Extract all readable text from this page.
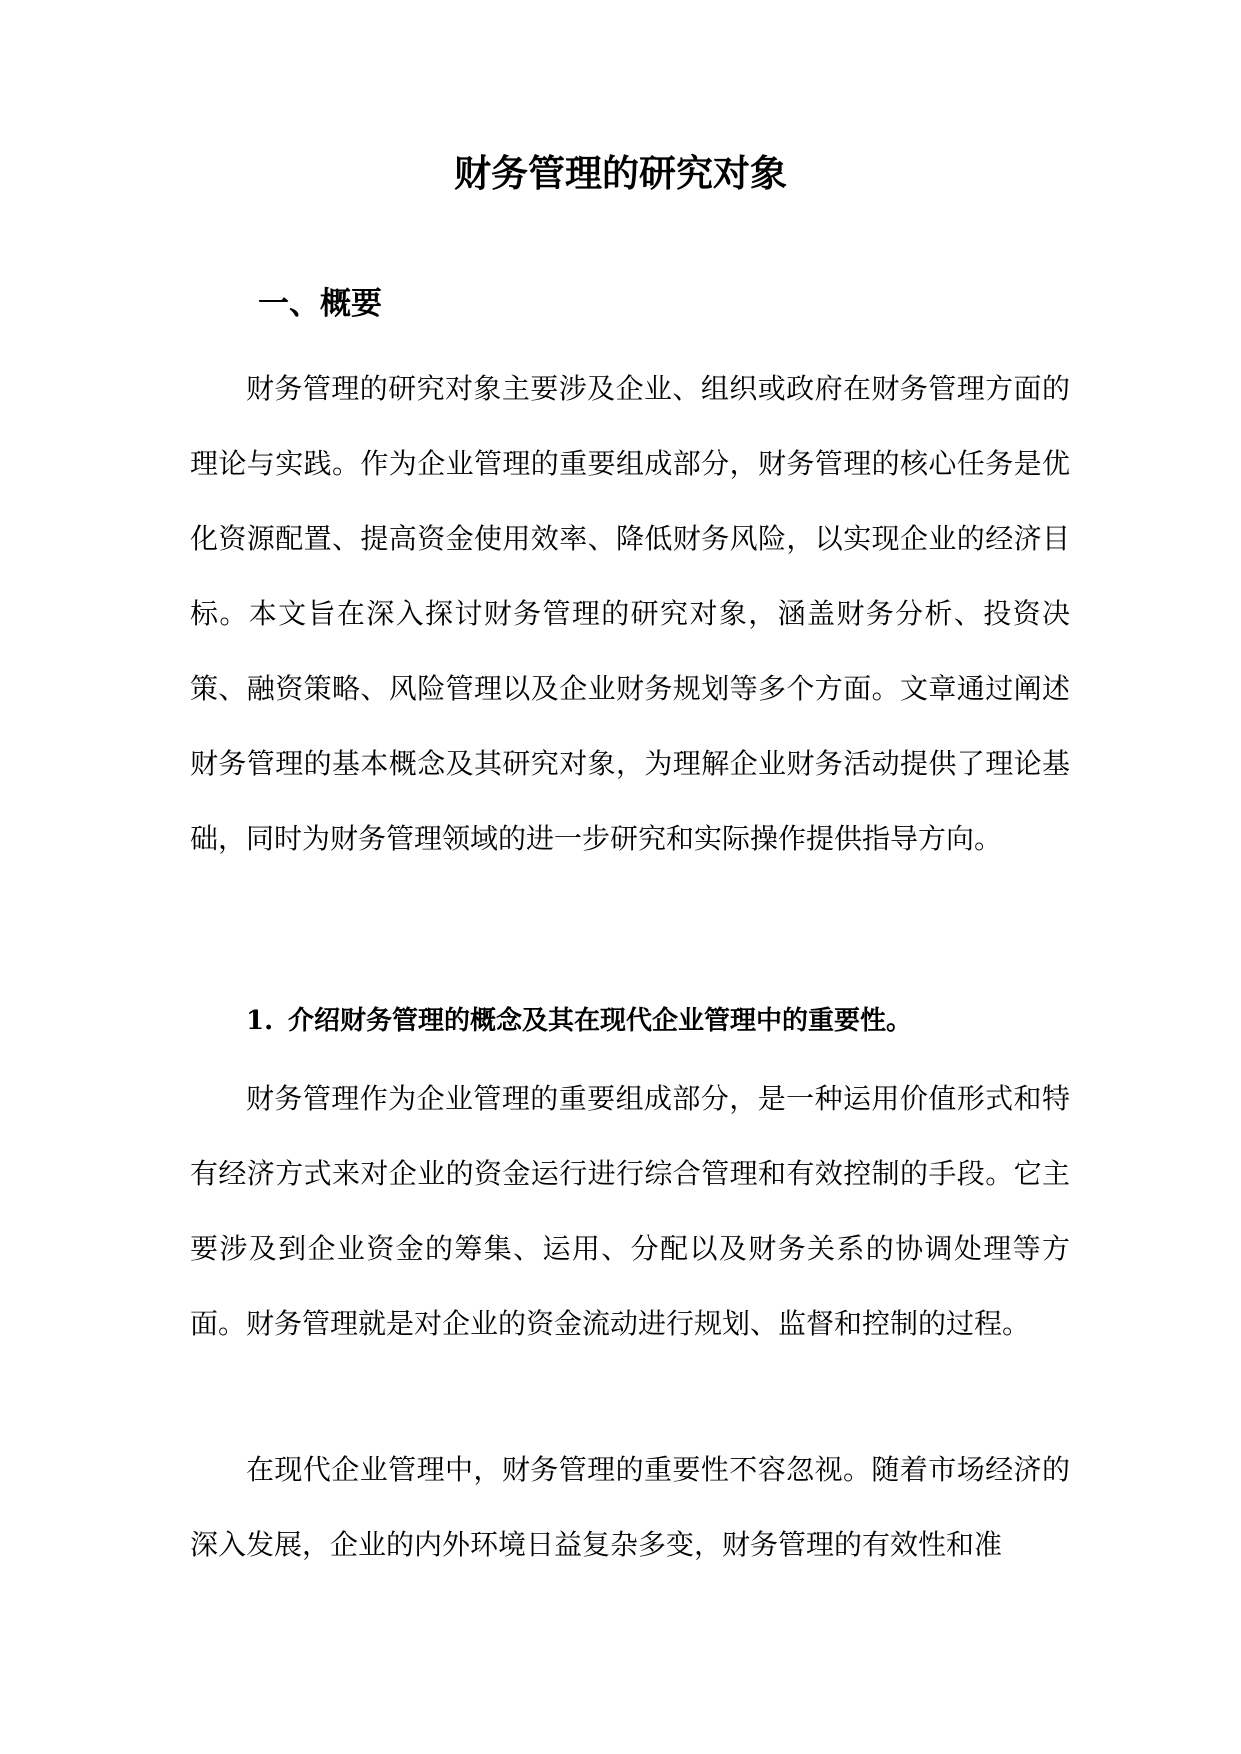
财务管理的研究对象
一、概要

财务管理的研究对象主要涉及企业、组织或政府在财务管理方面的理论与实践。作为企业管理的重要组成部分，财务管理的核心任务是优化资源配置、提高资金使用效率、降低财务风险，以实现企业的经济目标。本文旨在深入探讨财务管理的研究对象，涵盖财务分析、投资决策、融资策略、风险管理以及企业财务规划等多个方面。文章通过阐述财务管理的基本概念及其研究对象，为理解企业财务活动提供了理论基础，同时为财务管理领域的进一步研究和实际操作提供指导方向。

1. 介绍财务管理的概念及其在现代企业管理中的重要性。

财务管理作为企业管理的重要组成部分，是一种运用价值形式和特有经济方式来对企业的资金运行进行综合管理和有效控制的手段。它主要涉及到企业资金的筹集、运用、分配以及财务关系的协调处理等方面。财务管理就是对企业的资金流动进行规划、监督和控制的过程。

在现代企业管理中，财务管理的重要性不容忽视。随着市场经济的深入发展，企业的内外环境日益复杂多变，财务管理的有效性和准
